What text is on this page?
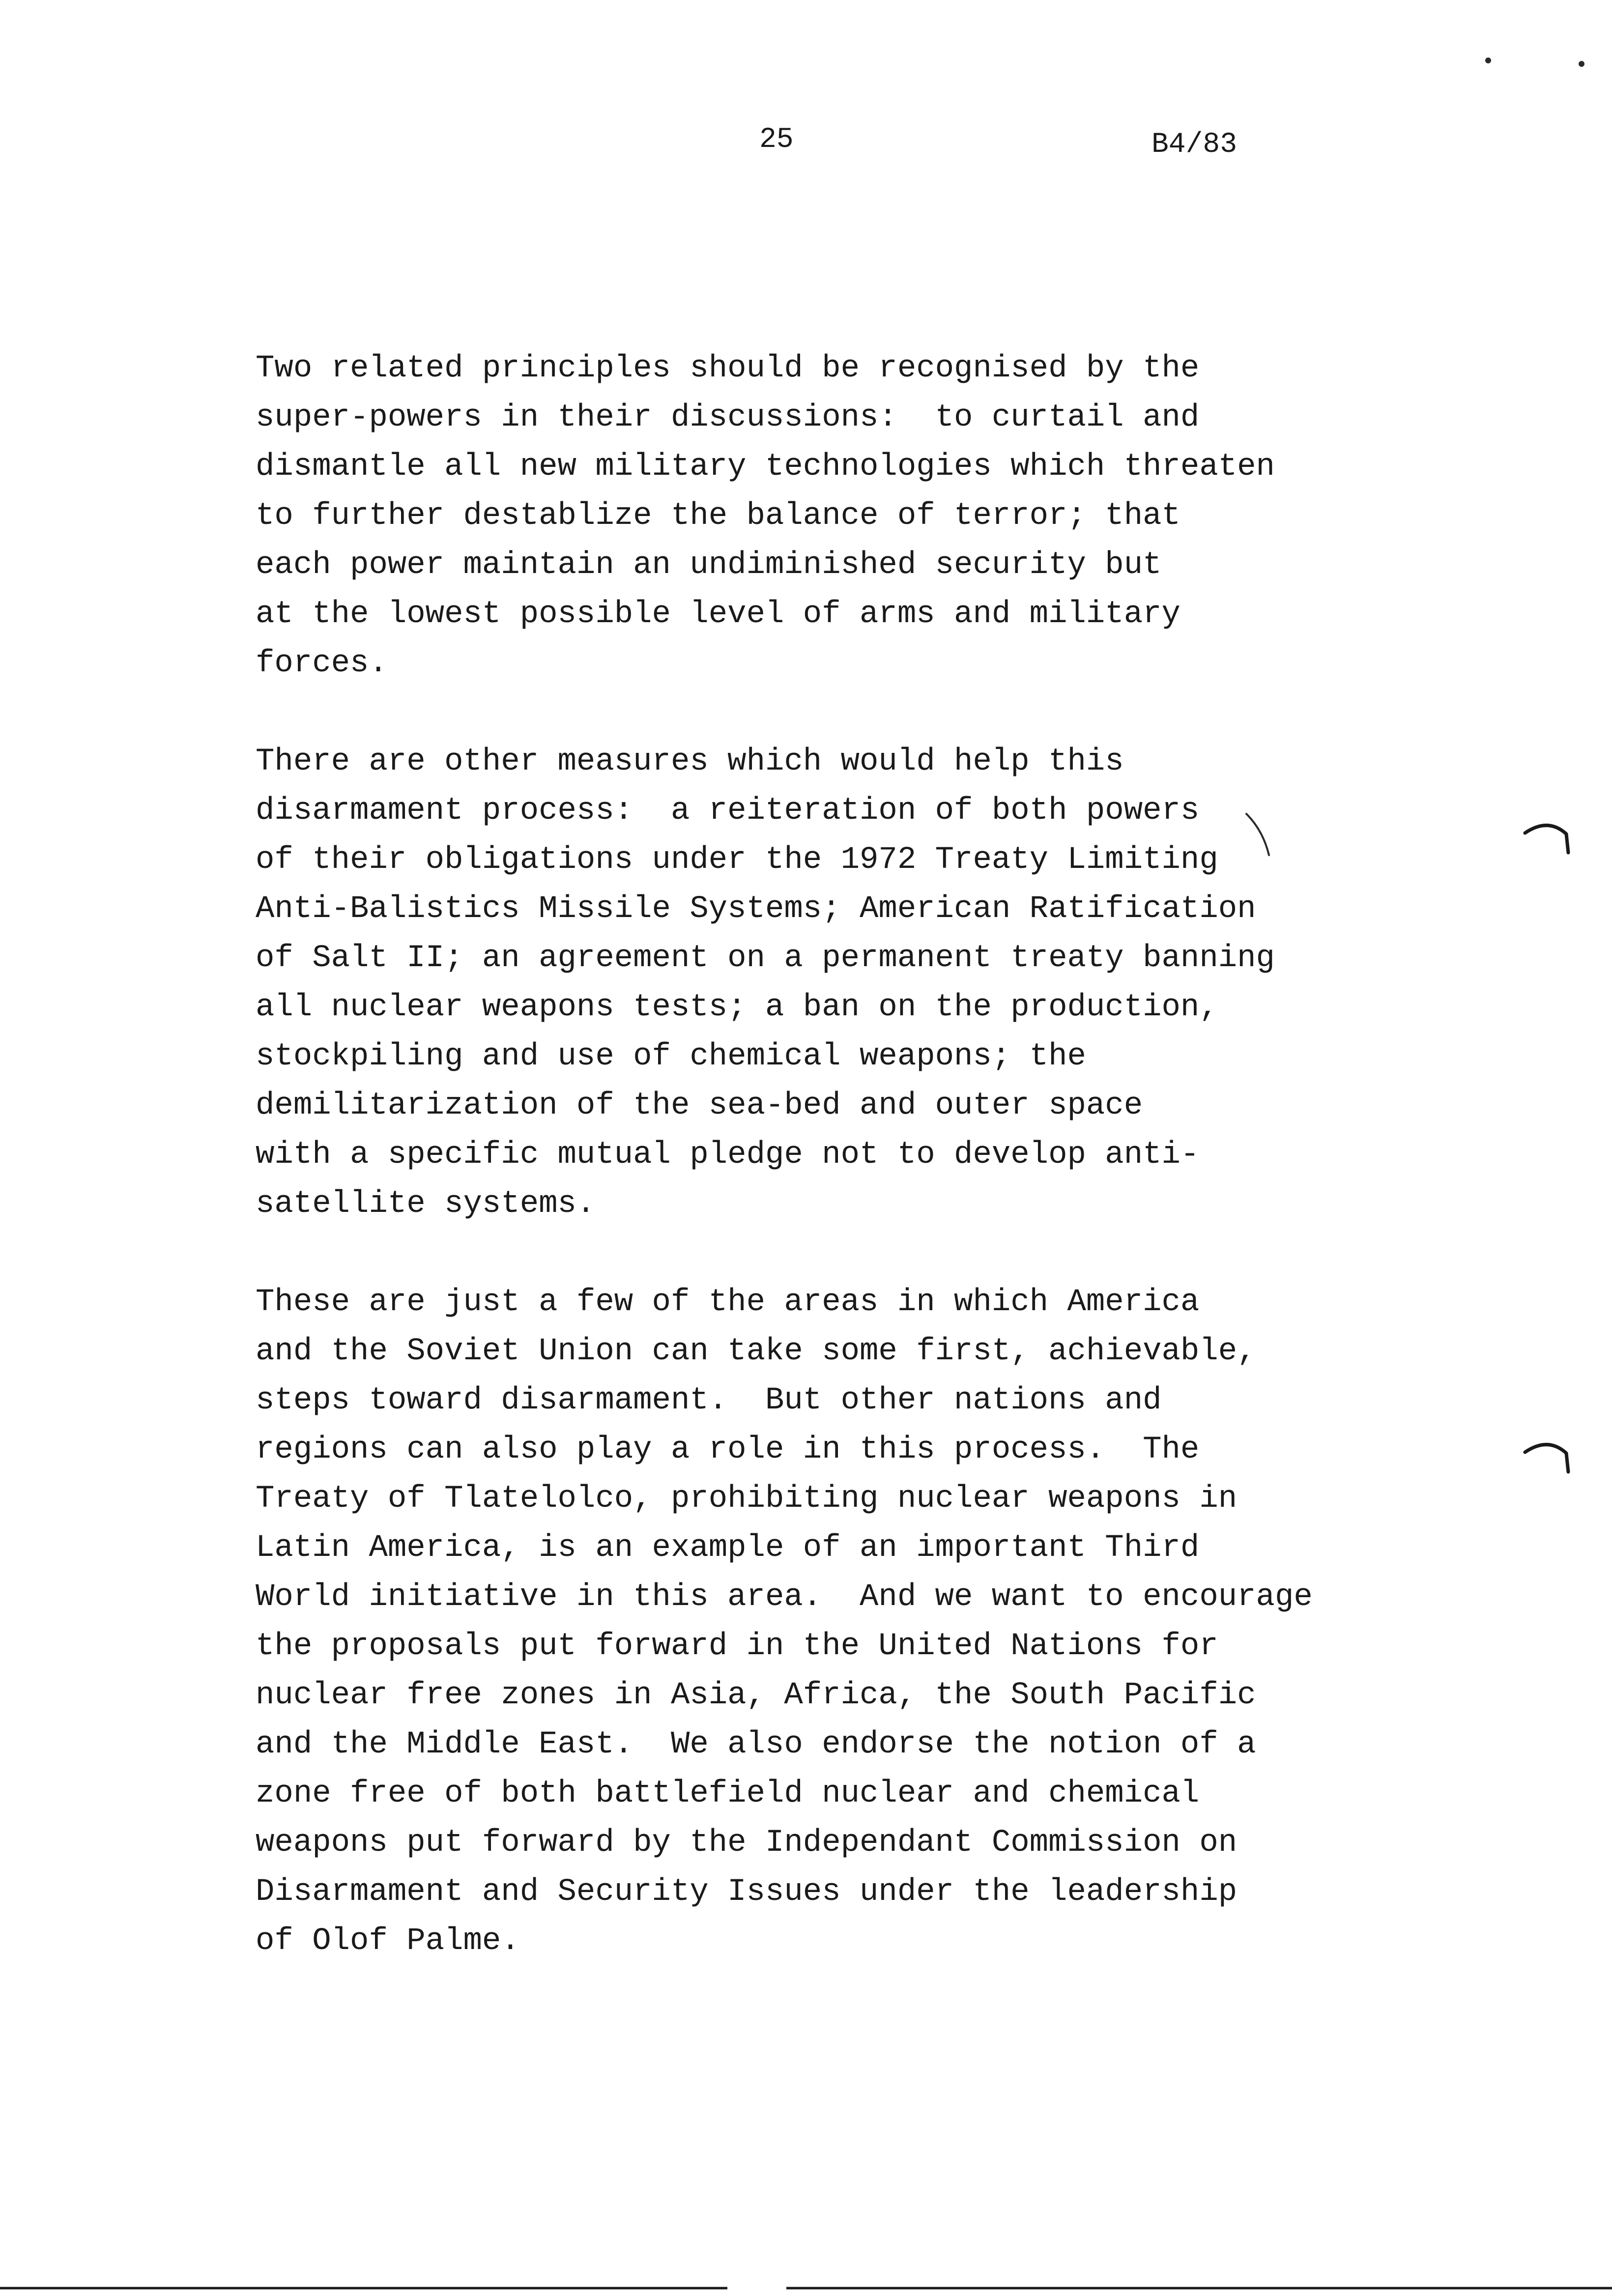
25	B4/83
Two related principles should be recognised by the
super-powers in their discussions:  to curtail and
dismantle all new military technologies which threaten
to further destablize the balance of terror; that
each power maintain an undiminished security but
at the lowest possible level of arms and military
forces.
There are other measures which would help this
disarmament process:  a reiteration of both powers
of their obligations under the 1972 Treaty Limiting
Anti-Balistics Missile Systems; American Ratification
of Salt II; an agreement on a permanent treaty banning
all nuclear weapons tests; a ban on the production,
stockpiling and use of chemical weapons; the
demilitarization of the sea-bed and outer space
with a specific mutual pledge not to develop anti-
satellite systems.
These are just a few of the areas in which America
and the Soviet Union can take some first, achievable,
steps toward disarmament.  But other nations and
regions can also play a role in this process.  The
Treaty of Tlatelolco, prohibiting nuclear weapons in
Latin America, is an example of an important Third
World initiative in this area.  And we want to encourage
the proposals put forward in the United Nations for
nuclear free zones in Asia, Africa, the South Pacific
and the Middle East.  We also endorse the notion of a
zone free of both battlefield nuclear and chemical
weapons put forward by the Independant Commission on
Disarmament and Security Issues under the leadership
of Olof Palme.
